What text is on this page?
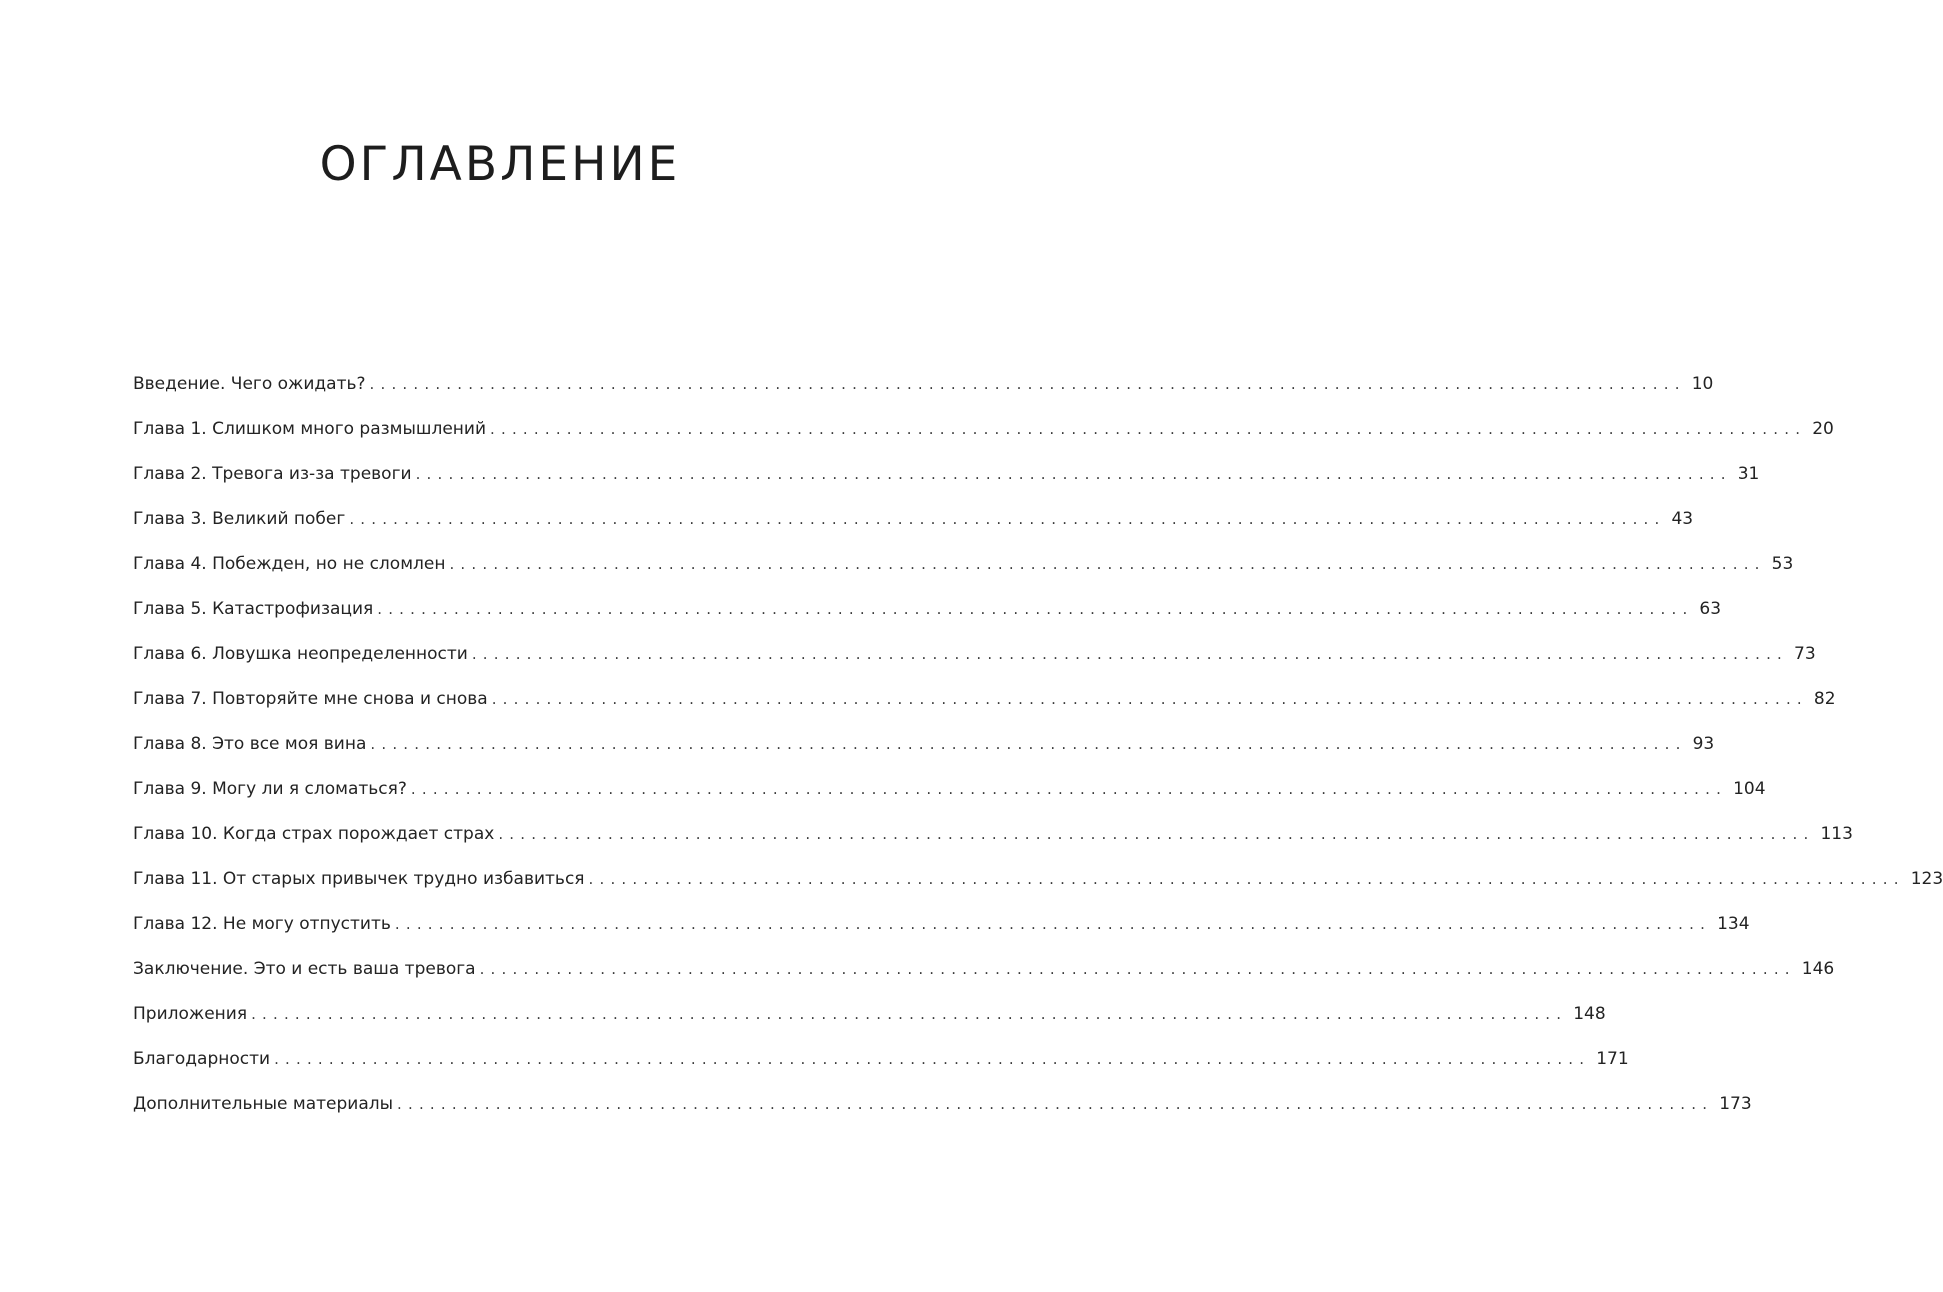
ОГЛАВЛЕНИЕ
Введение. Чего ожидать? ........................................................................................................................ 10
Глава 1. Слишком много размышлений ........................................................................................................................ 20
Глава 2. Тревога из-за тревоги ........................................................................................................................ 31
Глава 3. Великий побег ........................................................................................................................ 43
Глава 4. Побежден, но не сломлен ........................................................................................................................ 53
Глава 5. Катастрофизация ........................................................................................................................ 63
Глава 6. Ловушка неопределенности ........................................................................................................................ 73
Глава 7. Повторяйте мне снова и снова ........................................................................................................................ 82
Глава 8. Это все моя вина ........................................................................................................................ 93
Глава 9. Могу ли я сломаться? ........................................................................................................................ 104
Глава 10. Когда страх порождает страх ........................................................................................................................ 113
Глава 11. От старых привычек трудно избавиться ........................................................................................................................ 123
Глава 12. Не могу отпустить ........................................................................................................................ 134
Заключение. Это и есть ваша тревога ........................................................................................................................ 146
Приложения ........................................................................................................................ 148
Благодарности ........................................................................................................................ 171
Дополнительные материалы ........................................................................................................................ 173
